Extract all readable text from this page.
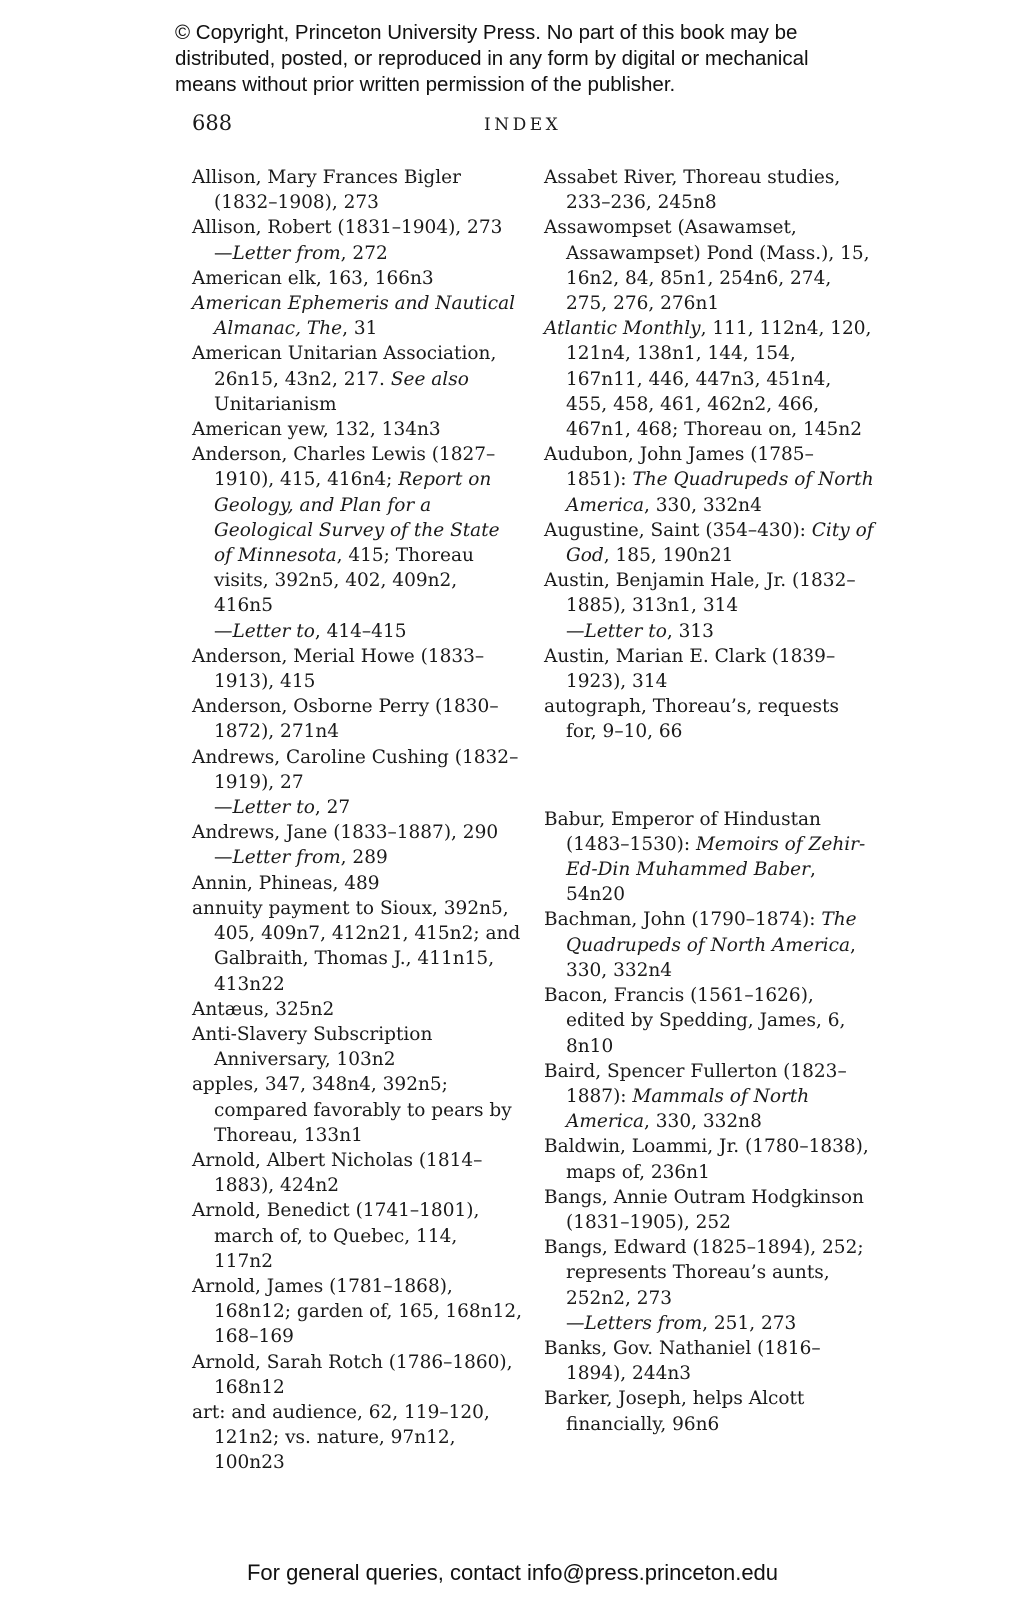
© Copyright, Princeton University Press. No part of this book may be distributed, posted, or reproduced in any form by digital or mechanical means without prior written permission of the publisher.
688	INDEX

Allison, Mary Frances Bigler (1832–1908), 273

Allison, Robert (1831–1904), 273

—Letter from, 272

American elk, 163, 166n3

American Ephemeris and Nautical Almanac, The, 31

American Unitarian Association, 26n15, 43n2, 217. See also Unitarianism

American yew, 132, 134n3

Anderson, Charles Lewis (1827–1910), 415, 416n4; Report on Geology, and Plan for a Geological Survey of the State of Minnesota, 415; Thoreau visits, 392n5, 402, 409n2, 416n5

—Letter to, 414–415

Anderson, Merial Howe (1833–1913), 415

Anderson, Osborne Perry (1830–1872), 271n4

Andrews, Caroline Cushing (1832–1919), 27

—Letter to, 27

Andrews, Jane (1833–1887), 290

—Letter from, 289

Annin, Phineas, 489

annuity payment to Sioux, 392n5, 405, 409n7, 412n21, 415n2; and Galbraith, Thomas J., 411n15, 413n22

Antæus, 325n2

Anti-Slavery Subscription Anniversary, 103n2

apples, 347, 348n4, 392n5; compared favorably to pears by Thoreau, 133n1

Arnold, Albert Nicholas (1814–1883), 424n2

Arnold, Benedict (1741–1801), march of, to Quebec, 114, 117n2

Arnold, James (1781–1868), 168n12; garden of, 165, 168n12, 168–169

Arnold, Sarah Rotch (1786–1860), 168n12

art: and audience, 62, 119–120, 121n2; vs. nature, 97n12, 100n23

Assabet River, Thoreau studies, 233–236, 245n8

Assawompset (Asawamset, Assawampset) Pond (Mass.), 15, 16n2, 84, 85n1, 254n6, 274, 275, 276, 276n1

Atlantic Monthly, 111, 112n4, 120, 121n4, 138n1, 144, 154, 167n11, 446, 447n3, 451n4, 455, 458, 461, 462n2, 466, 467n1, 468; Thoreau on, 145n2

Audubon, John James (1785–1851): The Quadrupeds of North America, 330, 332n4

Augustine, Saint (354–430): City of God, 185, 190n21

Austin, Benjamin Hale, Jr. (1832–1885), 313n1, 314

—Letter to, 313

Austin, Marian E. Clark (1839–1923), 314

autograph, Thoreau’s, requests for, 9–10, 66

Babur, Emperor of Hindustan (1483–1530): Memoirs of Zehir-Ed-Din Muhammed Baber, 54n20

Bachman, John (1790–1874): The Quadrupeds of North America, 330, 332n4

Bacon, Francis (1561–1626), edited by Spedding, James, 6, 8n10

Baird, Spencer Fullerton (1823–1887): Mammals of North America, 330, 332n8

Baldwin, Loammi, Jr. (1780–1838), maps of, 236n1

Bangs, Annie Outram Hodgkinson (1831–1905), 252

Bangs, Edward (1825–1894), 252; represents Thoreau’s aunts, 252n2, 273

—Letters from, 251, 273

Banks, Gov. Nathaniel (1816–1894), 244n3

Barker, Joseph, helps Alcott financially, 96n6

For general queries, contact info@press.princeton.edu
